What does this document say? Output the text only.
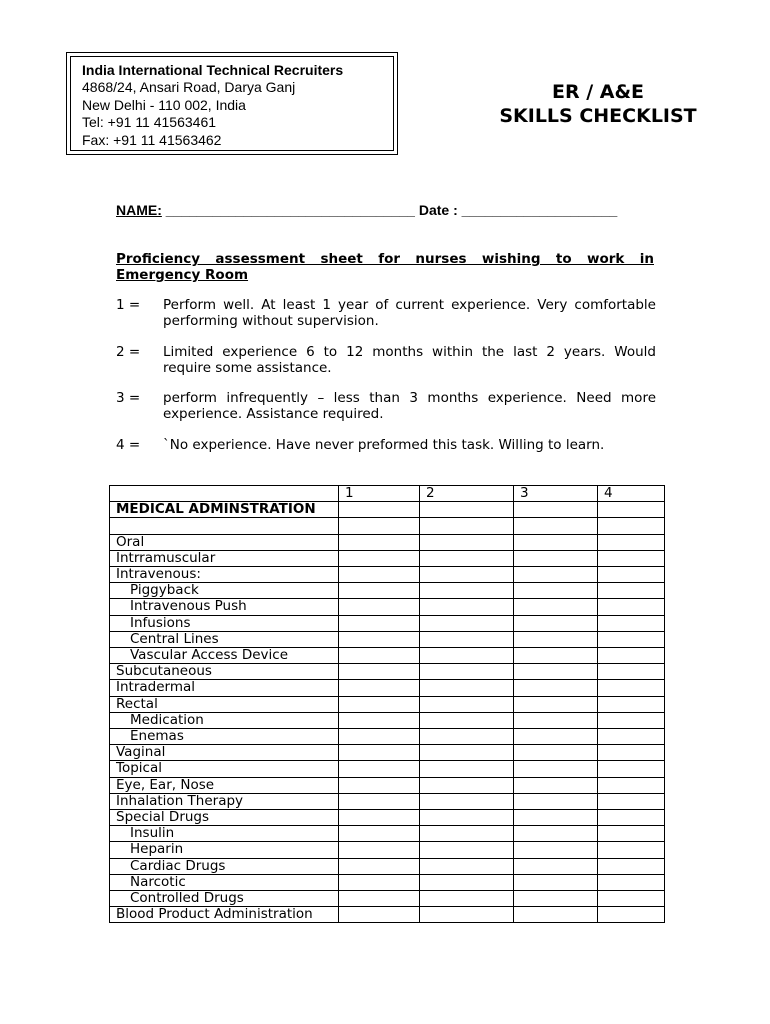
India International Technical Recruiters
4868/24, Ansari Road, Darya Ganj
New Delhi - 110 002, India
Tel: +91 11 41563461
Fax: +91 11 41563462
ER / A&E
SKILLS CHECKLIST
NAME: ________________________________ Date : ____________________
Proficiency assessment sheet for nurses wishing to work in Emergency Room
1 = Perform well. At least 1 year of current experience. Very comfortable performing without supervision.
2 = Limited experience 6 to 12 months within the last 2 years. Would require some assistance.
3 = perform infrequently – less than 3 months experience. Need more experience. Assistance required.
4 = `No experience. Have never preformed this task. Willing to learn.
	1	2	3	4
MEDICAL ADMINSTRATION				

Oral				
Intrramuscular				
Intravenous:				
Piggyback				
Intravenous Push				
Infusions				
Central Lines				
Vascular Access Device				
Subcutaneous				
Intradermal				
Rectal				
Medication				
Enemas				
Vaginal				
Topical				
Eye, Ear, Nose				
Inhalation Therapy				
Special Drugs				
Insulin				
Heparin				
Cardiac Drugs				
Narcotic				
Controlled Drugs				
Blood Product Administration				
